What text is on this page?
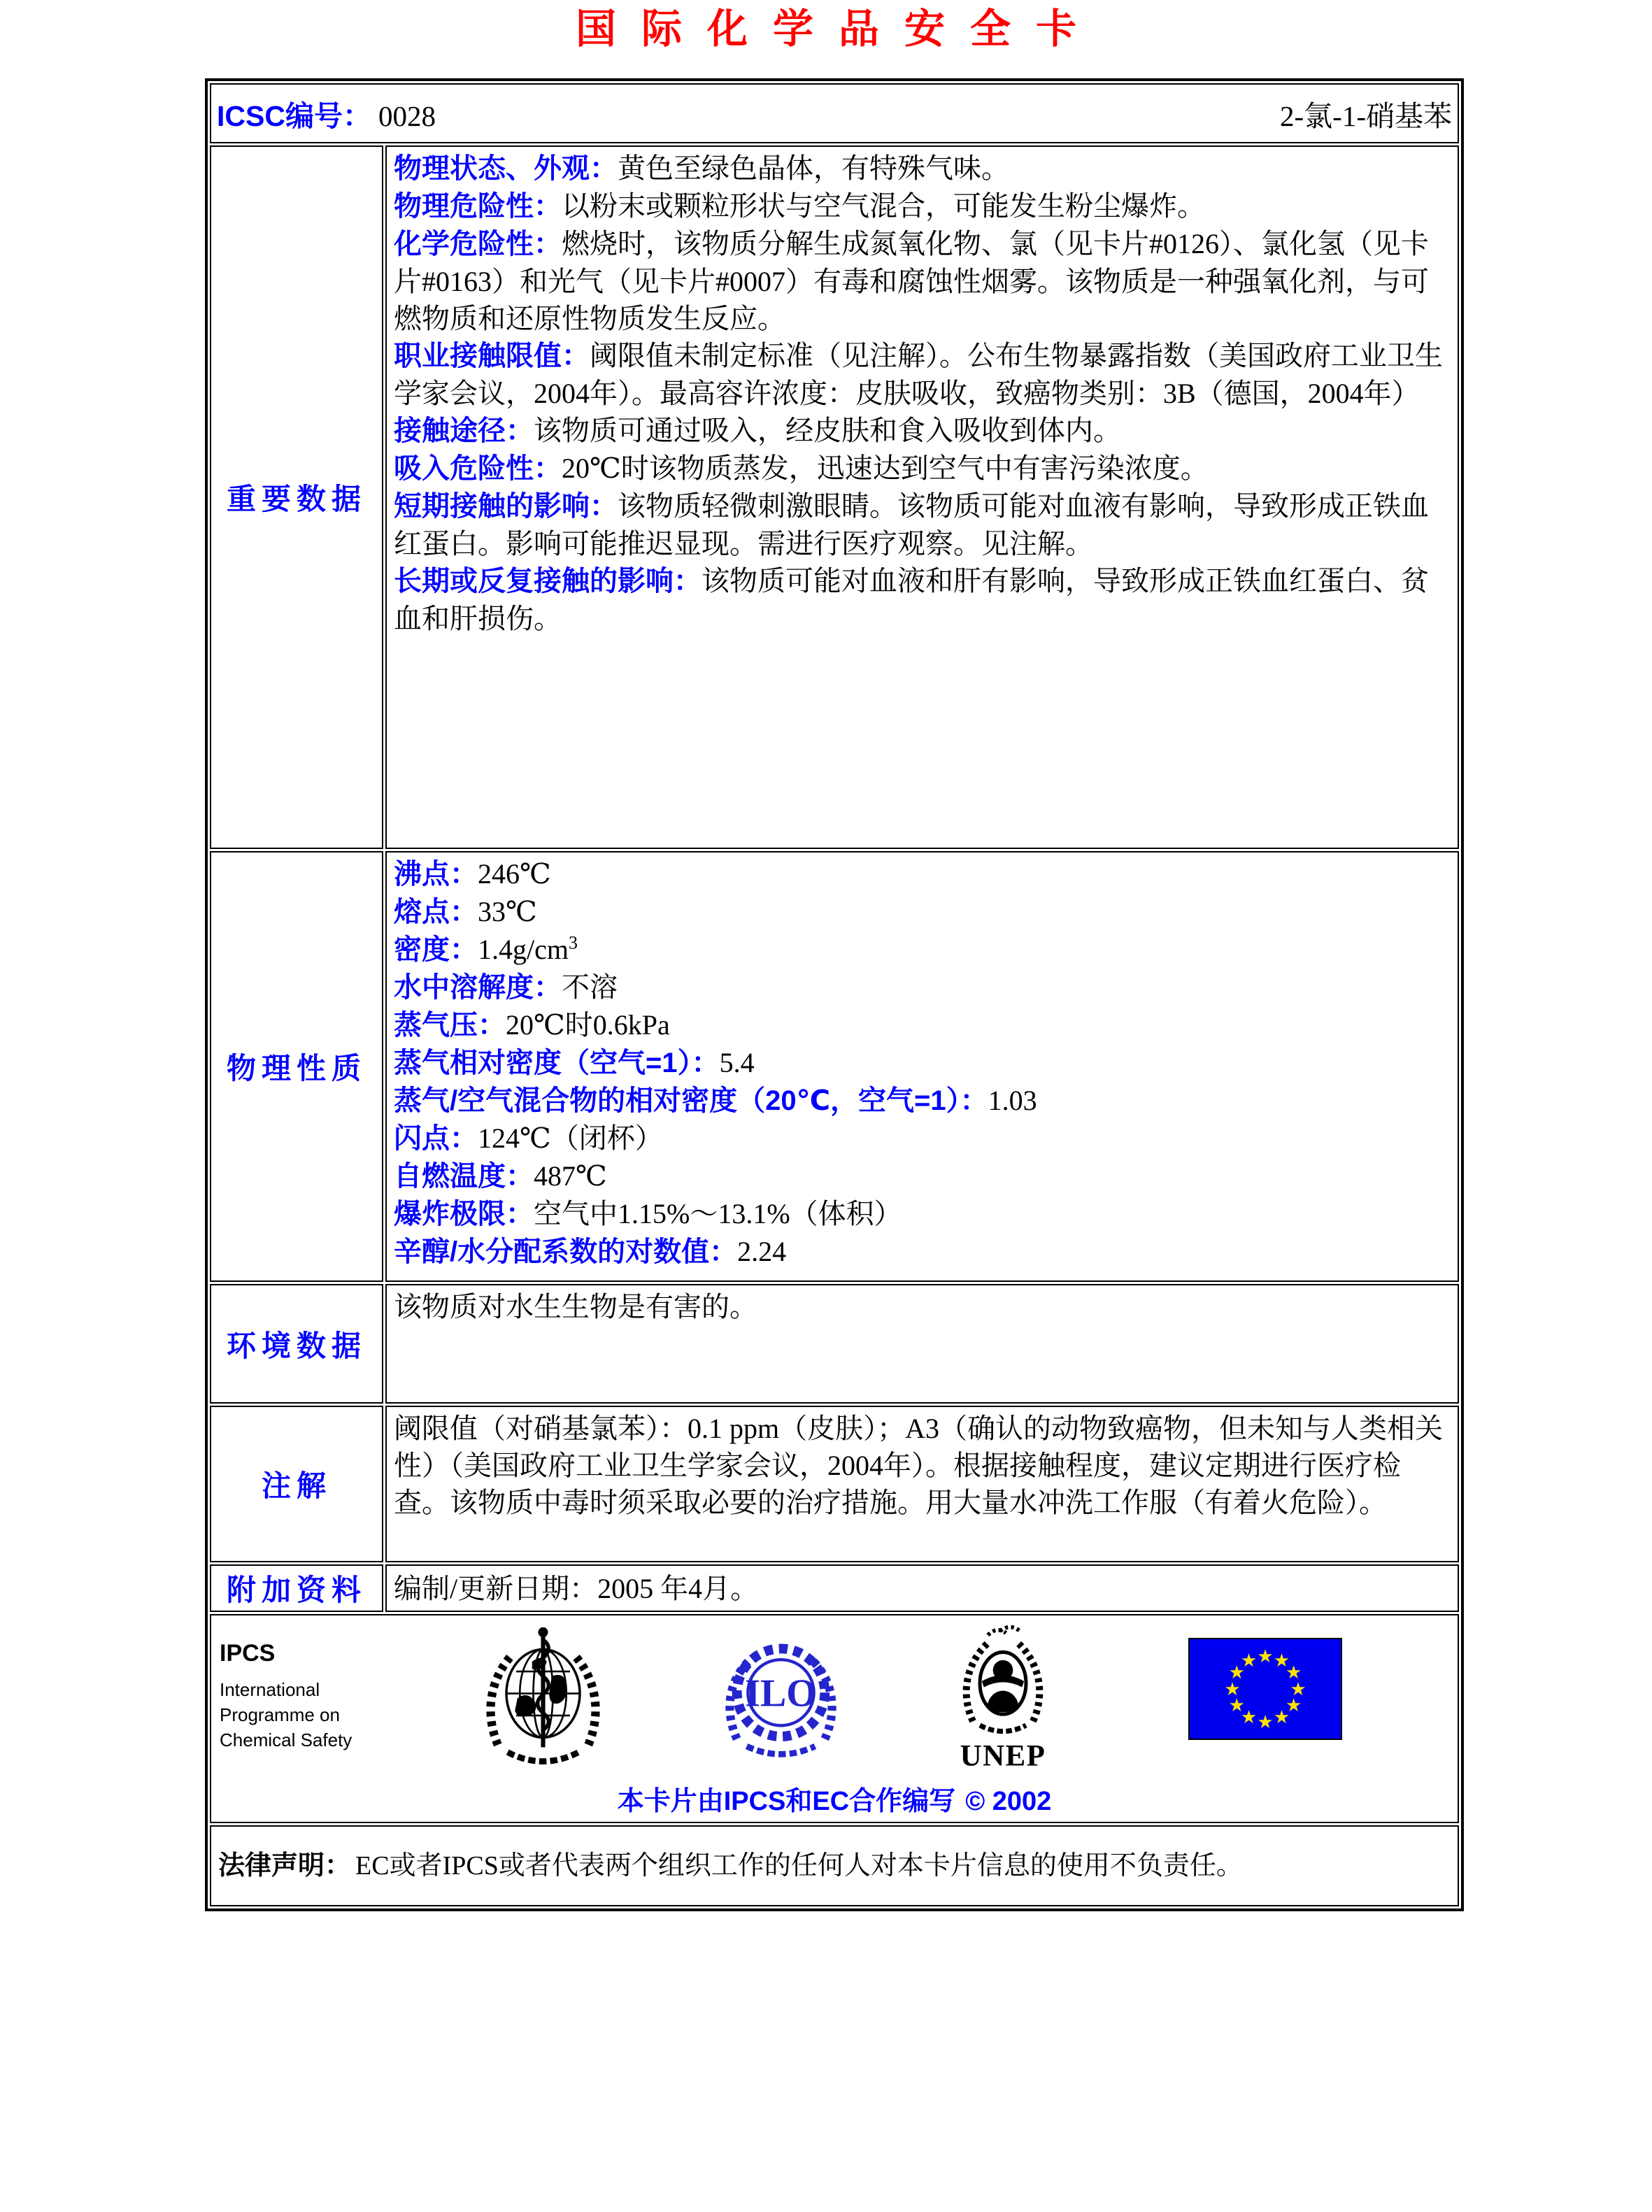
国际化学品安全卡
ICSC编号： 0028 2-氯-1-硝基苯	

重要数据	
物理状态、外观：黄色至绿色晶体，有特殊气味。
物理危险性：以粉末或颗粒形状与空气混合，可能发生粉尘爆炸。
化学危险性：燃烧时，该物质分解生成氮氧化物、氯（见卡片#0126）、氯化氢（见卡片#0163）和光气（见卡片#0007）有毒和腐蚀性烟雾。该物质是一种强氧化剂，与可燃物质和还原性物质发生反应。
职业接触限值：阈限值未制定标准（见注解）。公布生物暴露指数（美国政府工业卫生学家会议，2004年）。最高容许浓度：皮肤吸收，致癌物类别：3B（德国，2004年）
接触途径：该物质可通过吸入，经皮肤和食入吸收到体内。
吸入危险性：20℃时该物质蒸发，迅速达到空气中有害污染浓度。
短期接触的影响：该物质轻微刺激眼睛。该物质可能对血液有影响，导致形成正铁血红蛋白。影响可能推迟显现。需进行医疗观察。见注解。
长期或反复接触的影响：该物质可能对血液和肝有影响，导致形成正铁血红蛋白、贫血和肝损伤。

物理性质	
沸点：246℃
熔点：33℃
密度：$1.4g/cm^3$
水中溶解度：不溶
蒸气压：20℃时0.6kPa
蒸气相对密度（空气=1）：5.4
蒸气/空气混合物的相对密度（20℃，空气=1）：1.03
闪点：124℃（闭杯）
自燃温度：487℃
爆炸极限：空气中1.15%～13.1%（体积）
辛醇/水分配系数的对数值：2.24

环境数据	该物质对水生生物是有害的。

注解	阈限值（对硝基氯苯）：0.1 ppm（皮肤）；A3（确认的动物致癌物，但未知与人类相关性）（美国政府工业卫生学家会议，2004年）。根据接触程度，建议定期进行医疗检查。该物质中毒时须采取必要的治疗措施。用大量水冲洗工作服（有着火危险）。

附加资料	编制/更新日期：2005 年4月。

IPCS
International
Programme on
Chemical Safety
ILO
UNEP
★ ★
★
★
★
★
★
★
★
★
★
★
本卡片由IPCS和EC合作编写 © 2002

法律声明： EC或者IPCS或者代表两个组织工作的任何人对本卡片信息的使用不负责任。	
